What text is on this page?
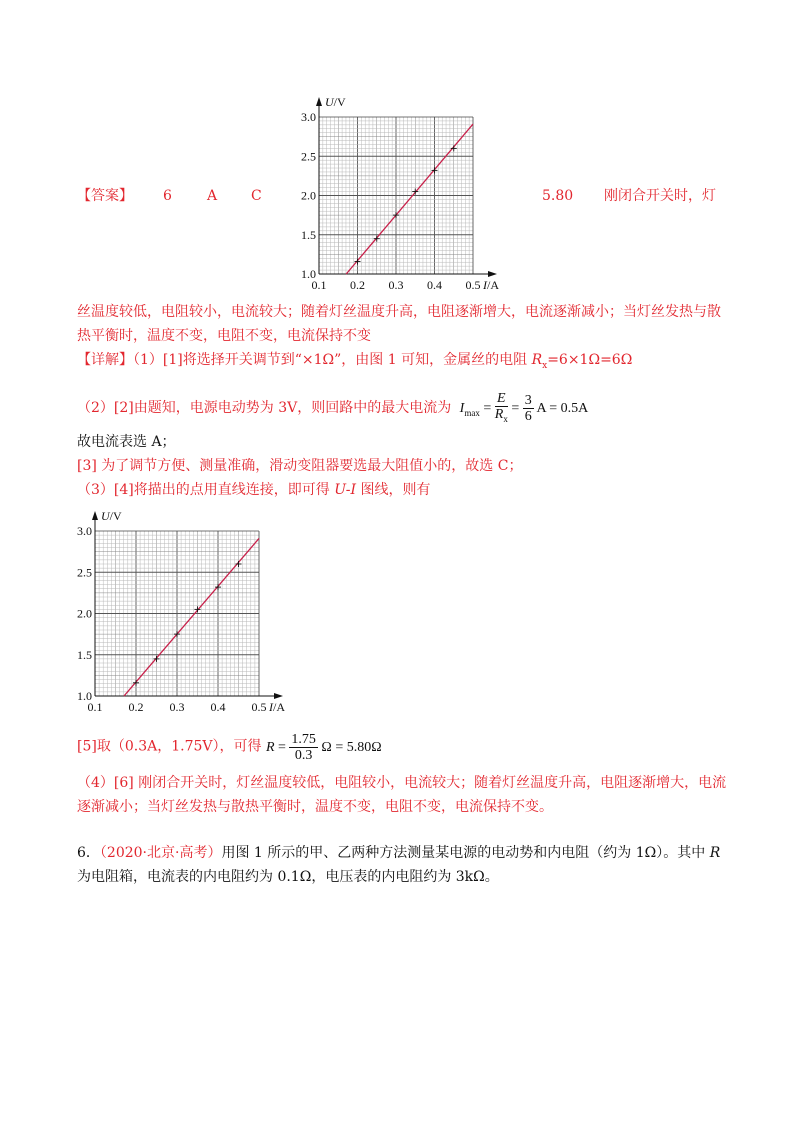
【答案】 6	A C
U/V
I/A
0.1 0.2 0.3 0.4 0.5
1.0
1.5
2.0
2.5
3.0
5.80 刚闭合开关时，灯
丝温度较低，电阻较小，电流较大；随着灯丝温度升高，电阻逐渐增大，电流逐渐减小；当灯丝发热与散
热平衡时，温度不变，电阻不变，电流保持不变
【详解】（1）[1]将选择开关调节到“×1Ω”，由图 1 可知，金属丝的电阻 $R_x=6\times 1\Omega=6\Omega$
（2）[2]由题知，电源电动势为 3V，则回路中的最大电流为 $I_{max} = \frac{E}{R_x} = \frac{3}{6}$ A = 0.5A
故电流表选 A；
[3] 为了调节方便、测量准确，滑动变阻器要选最大阻值小的，故选 C；
（3）[4]将描出的点用直线连接，即可得 U-I 图线，则有
U/V
I/A
0.1 0.2 0.3 0.4 0.5
1.0
1.5
2.0
2.5
3.0
[5]取（0.3A，1.75V），可得 $R = \frac{1.75}{0.3}$ Ω = 5.80Ω
（4）[6] 刚闭合开关时，灯丝温度较低，电阻较小，电流较大；随着灯丝温度升高，电阻逐渐增大，电流
逐渐减小；当灯丝发热与散热平衡时，温度不变，电阻不变，电流保持不变。
6．（2020·北京·高考）用图 1 所示的甲、乙两种方法测量某电源的电动势和内电阻（约为 1Ω）。其中 R
为电阻箱，电流表的内电阻约为 0.1Ω，电压表的内电阻约为 3kΩ。
